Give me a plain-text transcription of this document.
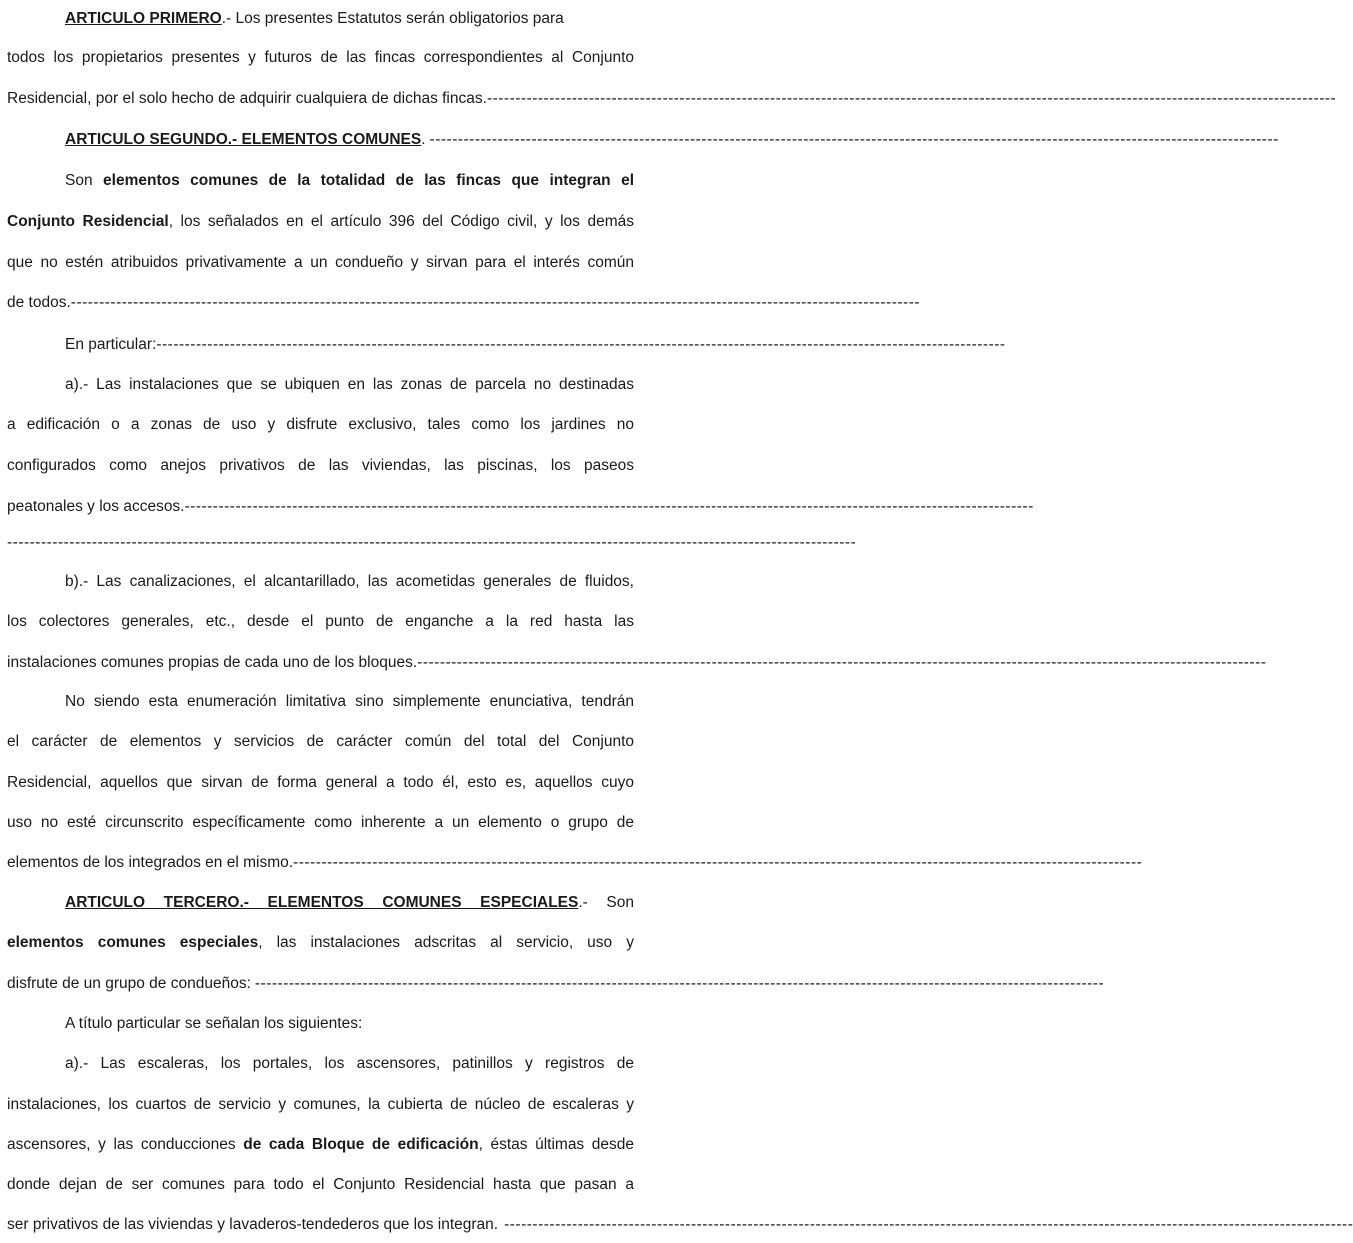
ARTICULO PRIMERO.- Los presentes Estatutos serán obligatorios para
todos los propietarios presentes y futuros de las fincas correspondientes al Conjunto
Residencial, por el solo hecho de adquirir cualquiera de dichas fincas. ------------------------------------------------------------------------------------------------------------------------------------------------------
ARTICULO SEGUNDO.- ELEMENTOS COMUNES . ------------------------------------------------------------------------------------------------------------------------------------------------------
Son elementos comunes de la totalidad de las fincas que integran el
Conjunto Residencial, los señalados en el artículo 396 del Código civil, y los demás
que no estén atribuidos privativamente a un condueño y sirvan para el interés común
de todos. ------------------------------------------------------------------------------------------------------------------------------------------------------
En particular: ------------------------------------------------------------------------------------------------------------------------------------------------------
a).- Las instalaciones que se ubiquen en las zonas de parcela no destinadas
a edificación o a zonas de uso y disfrute exclusivo, tales como los jardines no
configurados como anejos privativos de las viviendas, las piscinas, los paseos
peatonales y los accesos. ------------------------------------------------------------------------------------------------------------------------------------------------------
------------------------------------------------------------------------------------------------------------------------------------------------------
b).- Las canalizaciones, el alcantarillado, las acometidas generales de fluidos,
los colectores generales, etc., desde el punto de enganche a la red hasta las
instalaciones comunes propias de cada uno de los bloques. ------------------------------------------------------------------------------------------------------------------------------------------------------
No siendo esta enumeración limitativa sino simplemente enunciativa, tendrán
el carácter de elementos y servicios de carácter común del total del Conjunto
Residencial, aquellos que sirvan de forma general a todo él, esto es, aquellos cuyo
uso no esté circunscrito específicamente como inherente a un elemento o grupo de
elementos de los integrados en el mismo. ------------------------------------------------------------------------------------------------------------------------------------------------------
ARTICULO TERCERO.- ELEMENTOS COMUNES ESPECIALES.- Son
elementos comunes especiales, las instalaciones adscritas al servicio, uso y
disfrute de un grupo de condueños: ------------------------------------------------------------------------------------------------------------------------------------------------------
A título particular se señalan los siguientes:
a).- Las escaleras, los portales, los ascensores, patinillos y registros de
instalaciones, los cuartos de servicio y comunes, la cubierta de núcleo de escaleras y
ascensores, y las conducciones de cada Bloque de edificación, éstas últimas desde
donde dejan de ser comunes para todo el Conjunto Residencial hasta que pasan a
ser privativos de las viviendas y lavaderos-tendederos que los integran. ------------------------------------------------------------------------------------------------------------------------------------------------------
